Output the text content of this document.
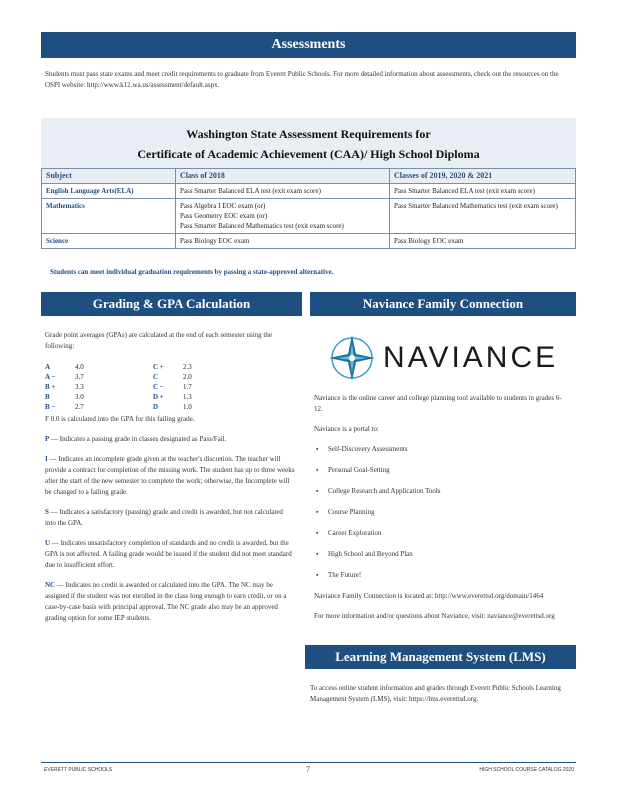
Assessments
Students must pass state exams and meet credit requirements to graduate from Everett Public Schools. For more detailed information about assessments, check out the resources on the OSPI website: http://www.k12.wa.us/assessment/default.aspx.
Washington State Assessment Requirements for
Certificate of Academic Achievement (CAA)/ High School Diploma
Subject	Class of 2018	Classes of 2019, 2020 & 2021
English Language Arts(ELA)	Pass Smarter Balanced ELA test (exit exam score)	Pass Smarter Balanced ELA test (exit exam score)
Mathematics	Pass Algebra I EOC exam (or)
Pass Geometry EOC exam (or)
Pass Smarter Balanced Mathematics test (exit exam score)	Pass Smarter Balanced Mathematics test (exit exam score)
Science	Pass Biology EOC exam	Pass Biology EOC exam
Students can meet individual graduation requirements by passing a state-approved alternative.
Grading & GPA Calculation

Grade point averages (GPAs) are calculated at the end of each semester using the following:

A	4.0	C +	2.3
A −	3.7	C	2.0
B +	3.3	C −	1.7
B	3.0	D +	1.3
B −	2.7	D	1.0

F 0.0 is calculated into the GPA for this failing grade.

P — Indicates a passing grade in classes designated as Pass/Fail.

I — Indicates an incomplete grade given at the teacher's discretion. The teacher will provide a contract for completion of the missing work. The student has up to three weeks after the start of the new semester to complete the work; otherwise, the Incomplete will be changed to a failing grade.

S — Indicates a satisfactory (passing) grade and credit is awarded, but not calculated into the GPA.

U — Indicates unsatisfactory completion of standards and no credit is awarded, but the GPA is not affected. A failing grade would be issued if the student did not meet standard due to insufficient effort.

NC — Indicates no credit is awarded or calculated into the GPA. The NC may be assigned if the student was not enrolled in the class long enough to earn credit, or on a case-by-case basis with principal approval. The NC grade also may be an approved grading option for some IEP students.

Naviance Family Connection
NAVIANCE

Naviance is the online career and college planning tool available to students in grades 6-12.

Naviance is a portal to:

▪ Self-Discovery Assessments
▪ Personal Goal-Setting
▪ College Research and Application Tools
▪ Course Planning
▪ Career Exploration
▪ High School and Beyond Plan
▪ The Future!

Naviance Family Connection is located at: http://www.everettsd.org/domain/1464

For more information and/or questions about Naviance, visit: naviance@everettsd.org

Learning Management System (LMS)
To access online student information and grades through Everett Public Schools Learning Management System (LMS), visit: https://lms.everettsd.org.
EVERETT PUBLIC SCHOOLS	7	HIGH SCHOOL COURSE CATALOG 2020
